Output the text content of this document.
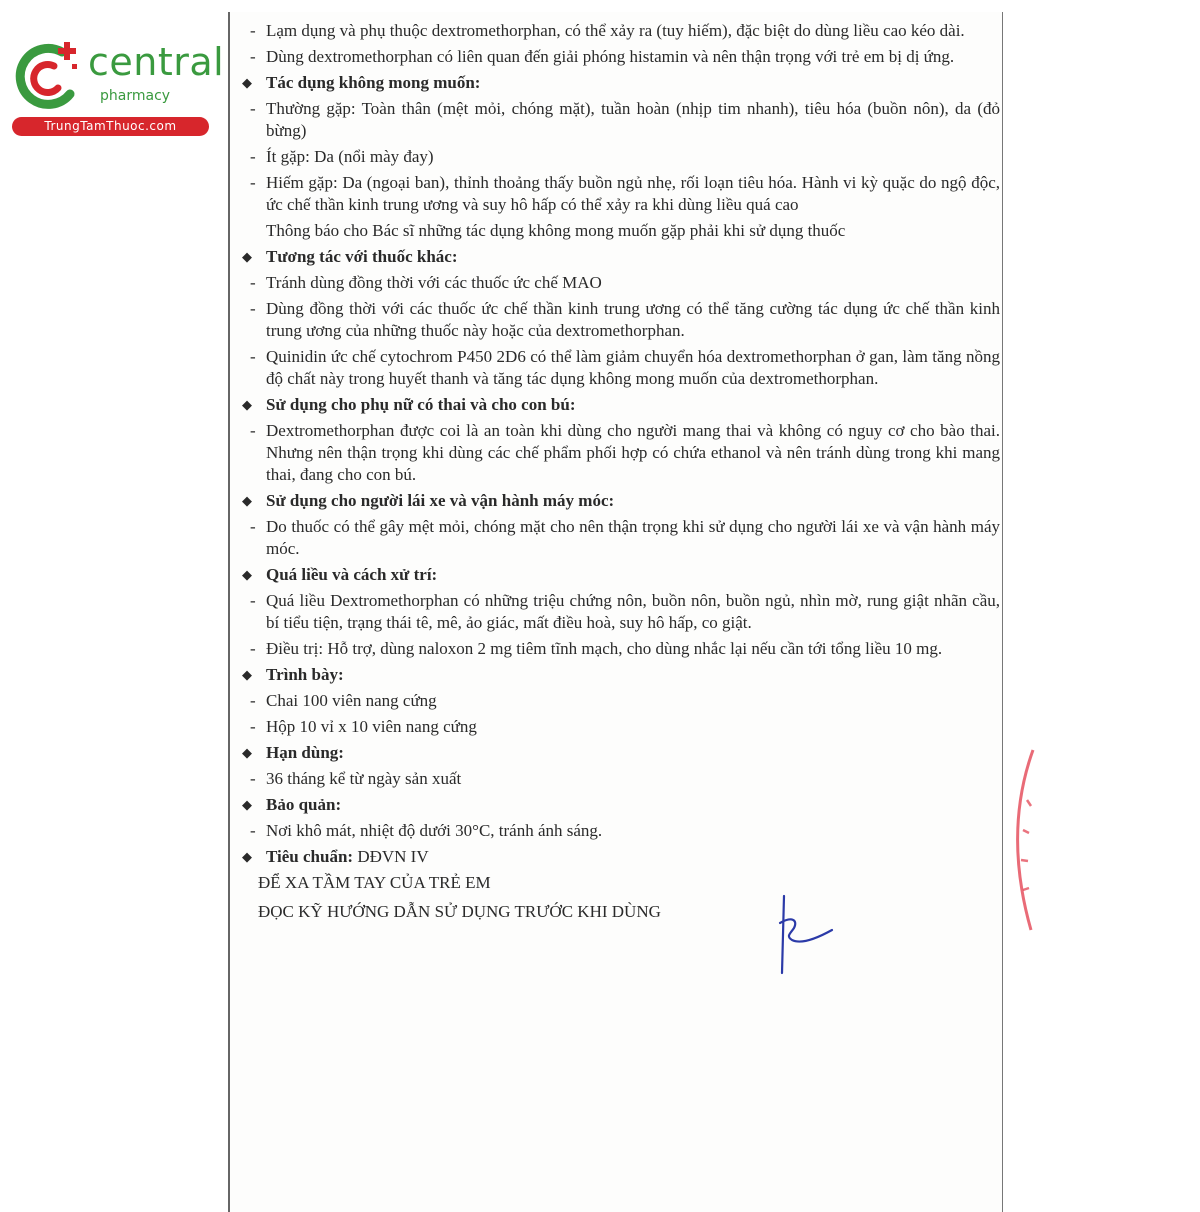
central
pharmacy
TrungTamThuoc.com
- Lạm dụng và phụ thuộc dextromethorphan, có thể xảy ra (tuy hiếm), đặc biệt do dùng liều cao kéo dài.
- Dùng dextromethorphan có liên quan đến giải phóng histamin và nên thận trọng với trẻ em bị dị ứng.
◆ Tác dụng không mong muốn:
- Thường gặp: Toàn thân (mệt mỏi, chóng mặt), tuần hoàn (nhịp tim nhanh), tiêu hóa (buồn nôn), da (đỏ bừng)
- Ít gặp: Da (nổi mày đay)
- Hiếm gặp: Da (ngoại ban), thỉnh thoảng thấy buồn ngủ nhẹ, rối loạn tiêu hóa. Hành vi kỳ quặc do ngộ độc, ức chế thần kinh trung ương và suy hô hấp có thể xảy ra khi dùng liều quá cao
Thông báo cho Bác sĩ những tác dụng không mong muốn gặp phải khi sử dụng thuốc
◆ Tương tác với thuốc khác:
- Tránh dùng đồng thời với các thuốc ức chế MAO
- Dùng đồng thời với các thuốc ức chế thần kinh trung ương có thể tăng cường tác dụng ức chế thần kinh trung ương của những thuốc này hoặc của dextromethorphan.
- Quinidin ức chế cytochrom P450 2D6 có thể làm giảm chuyển hóa dextromethorphan ở gan, làm tăng nồng độ chất này trong huyết thanh và tăng tác dụng không mong muốn của dextromethorphan.
◆ Sử dụng cho phụ nữ có thai và cho con bú:
- Dextromethorphan được coi là an toàn khi dùng cho người mang thai và không có nguy cơ cho bào thai. Nhưng nên thận trọng khi dùng các chế phẩm phối hợp có chứa ethanol và nên tránh dùng trong khi mang thai, đang cho con bú.
◆ Sử dụng cho người lái xe và vận hành máy móc:
- Do thuốc có thể gây mệt mỏi, chóng mặt cho nên thận trọng khi sử dụng cho người lái xe và vận hành máy móc.
◆ Quá liều và cách xử trí:
- Quá liều Dextromethorphan có những triệu chứng nôn, buồn nôn, buồn ngủ, nhìn mờ, rung giật nhãn cầu, bí tiểu tiện, trạng thái tê, mê, ảo giác, mất điều hoà, suy hô hấp, co giật.
- Điều trị: Hỗ trợ, dùng naloxon 2 mg tiêm tĩnh mạch, cho dùng nhắc lại nếu cần tới tổng liều 10 mg.
◆ Trình bày:
- Chai 100 viên nang cứng
- Hộp 10 vỉ x 10 viên nang cứng
◆ Hạn dùng:
- 36 tháng kể từ ngày sản xuất
◆ Bảo quản:
- Nơi khô mát, nhiệt độ dưới 30°C, tránh ánh sáng.
◆ Tiêu chuẩn: DĐVN IV
ĐỂ XA TẦM TAY CỦA TRẺ EM
ĐỌC KỸ HƯỚNG DẪN SỬ DỤNG TRƯỚC KHI DÙNG
